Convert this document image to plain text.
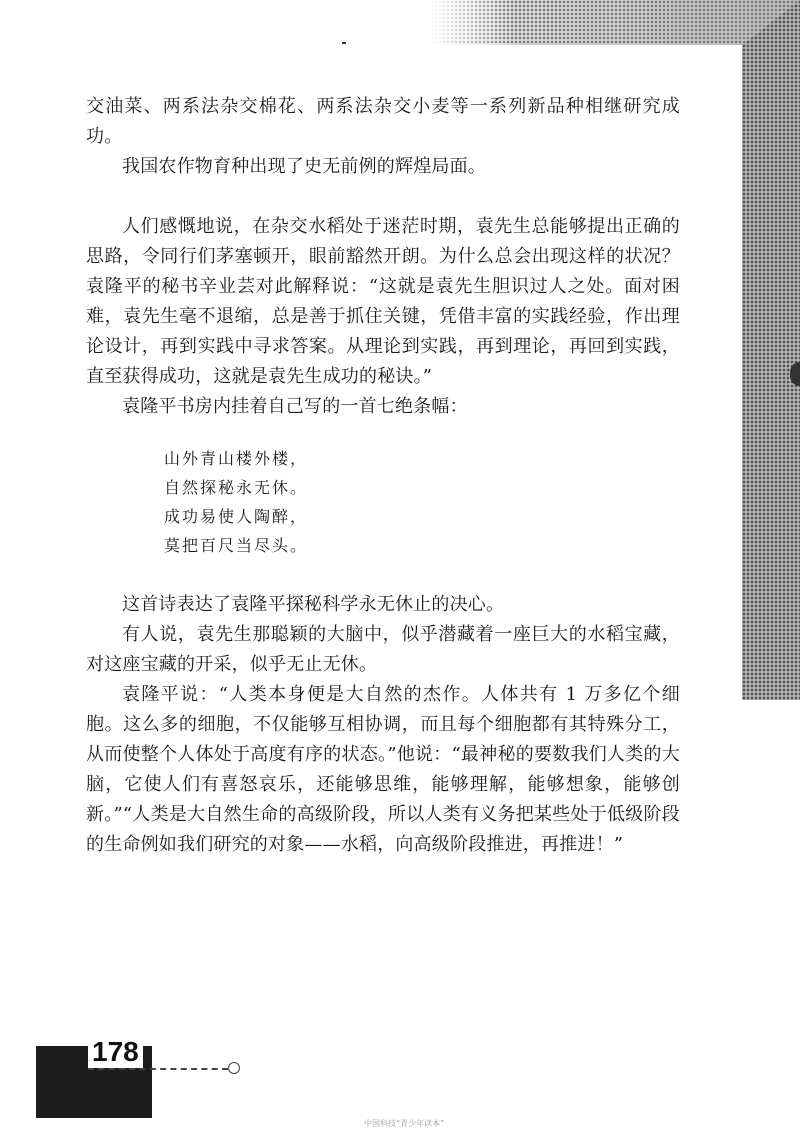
交油菜、两系法杂交棉花、两系法杂交小麦等一系列新品种相继研究成功。

我国农作物育种出现了史无前例的辉煌局面。

人们感慨地说，在杂交水稻处于迷茫时期，袁先生总能够提出正确的思路，令同行们茅塞顿开，眼前豁然开朗。为什么总会出现这样的状况？袁隆平的秘书辛业芸对此解释说：“这就是袁先生胆识过人之处。面对困难，袁先生毫不退缩，总是善于抓住关键，凭借丰富的实践经验，作出理论设计，再到实践中寻求答案。从理论到实践，再到理论，再回到实践，直至获得成功，这就是袁先生成功的秘诀。”

袁隆平书房内挂着自己写的一首七绝条幅：

山外青山楼外楼，
自然探秘永无休。
成功易使人陶醉，
莫把百尺当尽头。

这首诗表达了袁隆平探秘科学永无休止的决心。

有人说，袁先生那聪颖的大脑中，似乎潜藏着一座巨大的水稻宝藏，对这座宝藏的开采，似乎无止无休。

袁隆平说：“人类本身便是大自然的杰作。人体共有 1 万多亿个细胞。这么多的细胞，不仅能够互相协调，而且每个细胞都有其特殊分工，从而使整个人体处于高度有序的状态。”他说：“最神秘的要数我们人类的大脑，它使人们有喜怒哀乐，还能够思维，能够理解，能够想象，能够创新。”“人类是大自然生命的高级阶段，所以人类有义务把某些处于低级阶段的生命例如我们研究的对象——水稻，向高级阶段推进，再推进！”

178
中国科技“青少年读本”
